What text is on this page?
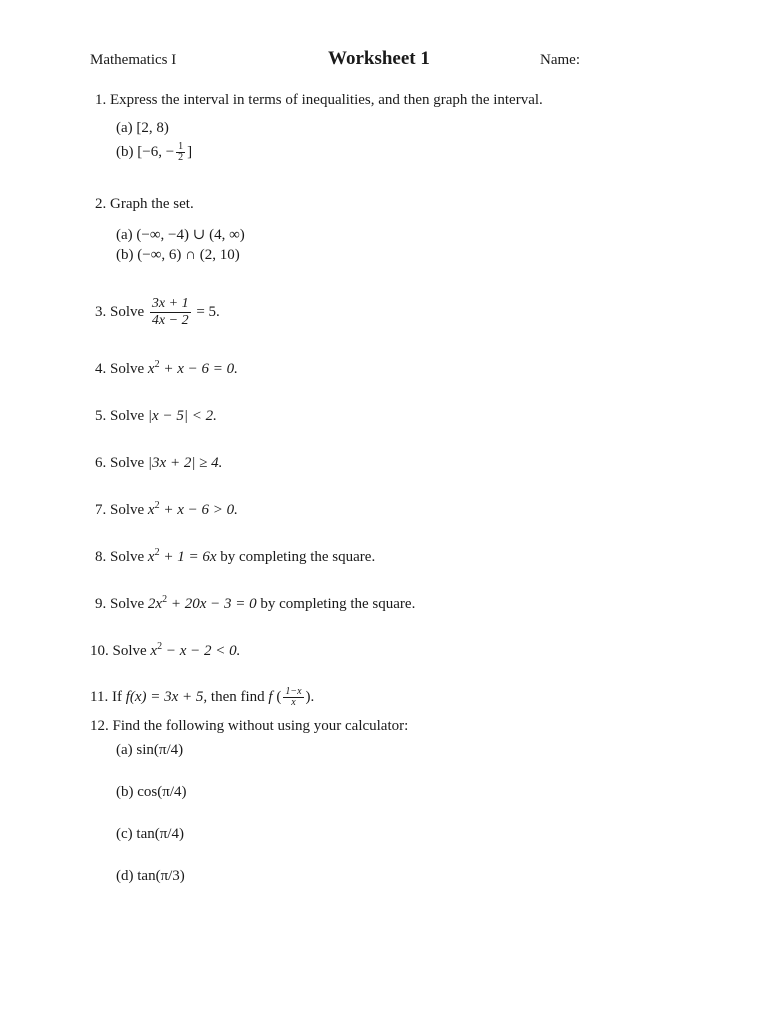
Mathematics I	Worksheet 1	Name:
1. Express the interval in terms of inequalities, and then graph the interval.
(a) [2, 8)
(b) [−6, − $\frac{1}{2}$ ]
2. Graph the set.
(a) (−∞, −4) ∪ (4, ∞)
(b) (−∞, 6) ∩ (2, 10)
3.
Solve
$\frac{3x + 1}{4x - 2}$
= 5.
4. Solve $x^2 + x - 6 = 0$.
5. Solve |x − 5| < 2.
6. Solve |3x + 2| ≥ 4.
7. Solve $x^2 + x - 6 > 0$.
8. Solve $x^2 + 1 = 6x$ by completing the square.
9. Solve $2x^2 + 20x - 3 = 0$ by completing the square.
10. Solve $x^2 - x - 2 < 0$.
11.
If
f(x) = 3x + 5,
then find
f
( $\frac{1-x}{x}$ ) .
12. Find the following without using your calculator:
(a) sin(π/4)
(b) cos(π/4)
(c) tan(π/4)
(d) tan(π/3)
